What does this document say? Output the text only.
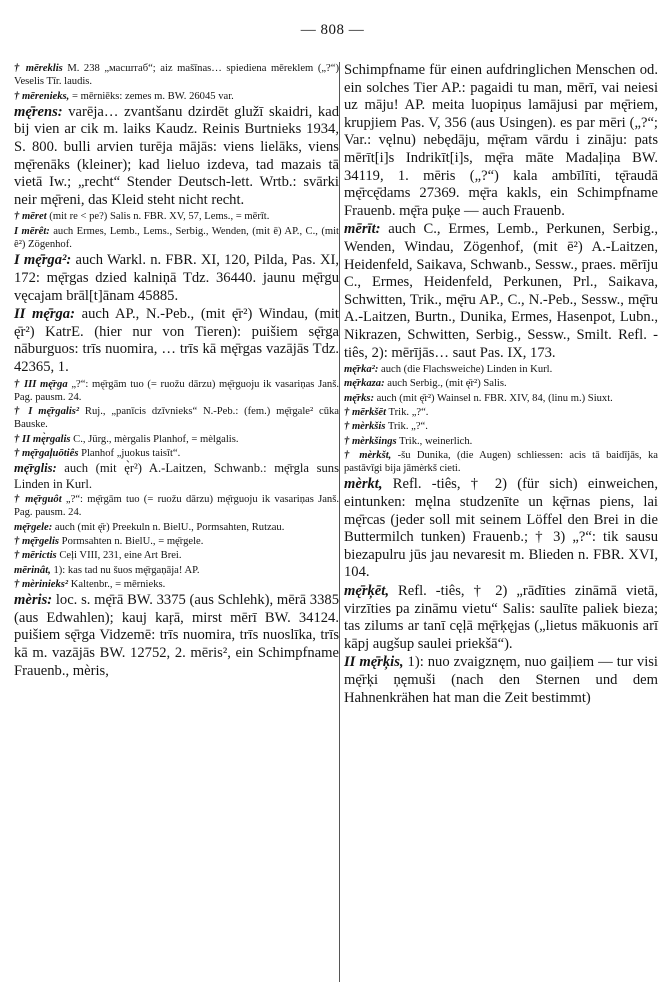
— 808 —
† mēreklis M. 238 „масштаб“; aiz mašīnas… spiediena mēreklem („?“) Veselis Tīr. laudis.
† mērenieks, = mērniēks: zemes m. BW. 26045 var.
mę̄rens: varēja… zvantšanu dzirdēt glužī skaidri, kad bij vien ar cik m. laiks Kaudz. Reinis Burtnieks 1934, S. 800. bulli arvien turēja mājās: viens lielāks, viens mę̄renāks (kleiner); kad lieluo izdeva, tad mazais tā vietā Iw.; „recht“ Stender Deutsch-lett. Wrtb.: svārki neir mę̄reni, das Kleid steht nicht recht.
† mēret (mit re < ре?) Salis n. FBR. XV, 57, Lems., = mērīt.
I mērêt: auch Ermes, Lemb., Lems., Serbig., Wenden, (mit ē) AP., C., (mit ê²) Zögenhof.
I mę̄rga²: auch Warkl. n. FBR. XI, 120, Pilda, Pas. XI, 172: mę̄rgas dzied kalniņā Tdz. 36440. jaunu mę̄rgu vęcajam brāl[t]ānam 45885.
II mę̄rga: auch AP., N.-Peb., (mit ę̄r²) Windau, (mit ę̄r²) KatrE. (hier nur von Tieren): puišiem sę̄rga nāburguos: trīs nuomira, … trīs kā mę̄rgas vazājās Tdz. 42365, 1.
† III mę̄rga „?“: mę̄rgām tuo (= ruožu dārzu) mę̄rguoju ik vasariņas Janš. Pag. pausm. 24.
† I mę̄rgalis² Ruj., „panīcis dzīvnieks“ N.-Peb.: (fem.) mę̄rgale² cūka Bauske.
† II mę̀rgalis C., Jürg., mèrgalis Planhof, = mèlgalis.
† mę̄rgaļuōtiês Planhof „juokus taisīt“.
mę̄rglis: auch (mit ę̀r²) A.-Laitzen, Schwanb.: mę̄rgla suns Linden in Kurl.
† mę̄rguôt „?“: mę̄rgām tuo (= ruožu dārzu) mę̄rguoju ik vasariņas Janš. Pag. pausm. 24.
mę̄rgele: auch (mit ę̄r) Preekuln n. BielU., Pormsahten, Rutzau.
† mę̄rgelis Pormsahten n. BielU., = mę̄rgele.
† mērictis Ceļi VIII, 231, eine Art Brei.
mērinât, 1): kas tad nu šuos mę̄rgaņāja! AP.
† mèrinieks² Kaltenbr., = mērnieks.
mèris: loc. s. mę̄rā BW. 3375 (aus Schlehk), mērā 3385 (aus Edwahlen); kauj kaŗā, mirst mērī BW. 34124. puišiem sę̄rga Vidzemē: trīs nuomira, trīs nuoslīka, trīs kā m. vazājās BW. 12752, 2. mēris², ein Schimpfname Frauenb., mèris,
Schimpfname für einen aufdringlichen Menschen od. ein solches Tier AP.: pagaidi tu man, mērī, vai neiesi uz māju! AP. meita luopiņus lamājusi par mę̄riem, krupjiem Pas. V, 356 (aus Usingen). es par mēri („?“; Var.: vęlnu) nebędāju, mę̄ram vārdu i zināju: pats mērīt[i]s Indrikīt[i]s, mę̄ra māte Madaļiņa BW. 34119, 1. mēris („?“) kala ambīlīti, tę̄raudā mę̄rcę̄dams 27369. mę̄ra kakls, ein Schimpfname Frauenb. mę̄ra puķe — auch Frauenb.
mērīt: auch C., Ermes, Lemb., Perkunen, Serbig., Wenden, Windau, Zögenhof, (mit ē²) A.-Laitzen, Heidenfeld, Saikava, Schwanb., Sessw., praes. mērīju C., Ermes, Heidenfeld, Perkunen, Prl., Saikava, Schwitten, Trik., mę̄ru AP., C., N.-Peb., Sessw., mę̄ru A.-Laitzen, Burtn., Dunika, Ermes, Hasenpot, Lubn., Nikrazen, Schwitten, Serbig., Sessw., Smilt. Refl. -tiês, 2): mērījās… saut Pas. IX, 173.
mę̄rka²: auch (die Flachsweiche) Linden in Kurl.
mę̄rkaza: auch Serbig., (mit ę̄r²) Salis.
mę̄rks: auch (mit ę̄r²) Wainsel n. FBR. XIV, 84, (linu m.) Siuxt.
† mērkšēt Trik. „?“.
† mèrkšis Trik. „?“.
† mèrkšings Trik., weinerlich.
† mèrkšt, -šu Dunika, (die Augen) schliessen: acis tā baidījās, ka pastāvīgi bija jāmèrkš cieti.
mèrkt, Refl. -tiês, † 2) (für sich) einweichen, eintunken: męlna studzenīte un kę̄rnas piens, lai mę̄rcas (jeder soll mit seinem Löffel den Brei in die Buttermilch tunken) Frauenb.; † 3) „?“: tik sausu biezapulru jūs jau nevaresit m. Blieden n. FBR. XVI, 104.
mę̄rķēt, Refl. -tiês, † 2) „rādīties zināmā vietā, virzīties pa zināmu vietu“ Salis: saulīte paliek bieza; tas zilums ar tanī cęļā mę̄rķęjas („lietus mākuonis arī kāpj augšup saulei priekšā“).
II mę̄rķis, 1): nuo zvaigznęm, nuo gaiļiem — tur visi mę̄rķi ņęmuši (nach den Sternen und dem Hahnenkrähen hat man die Zeit bestimmt)
